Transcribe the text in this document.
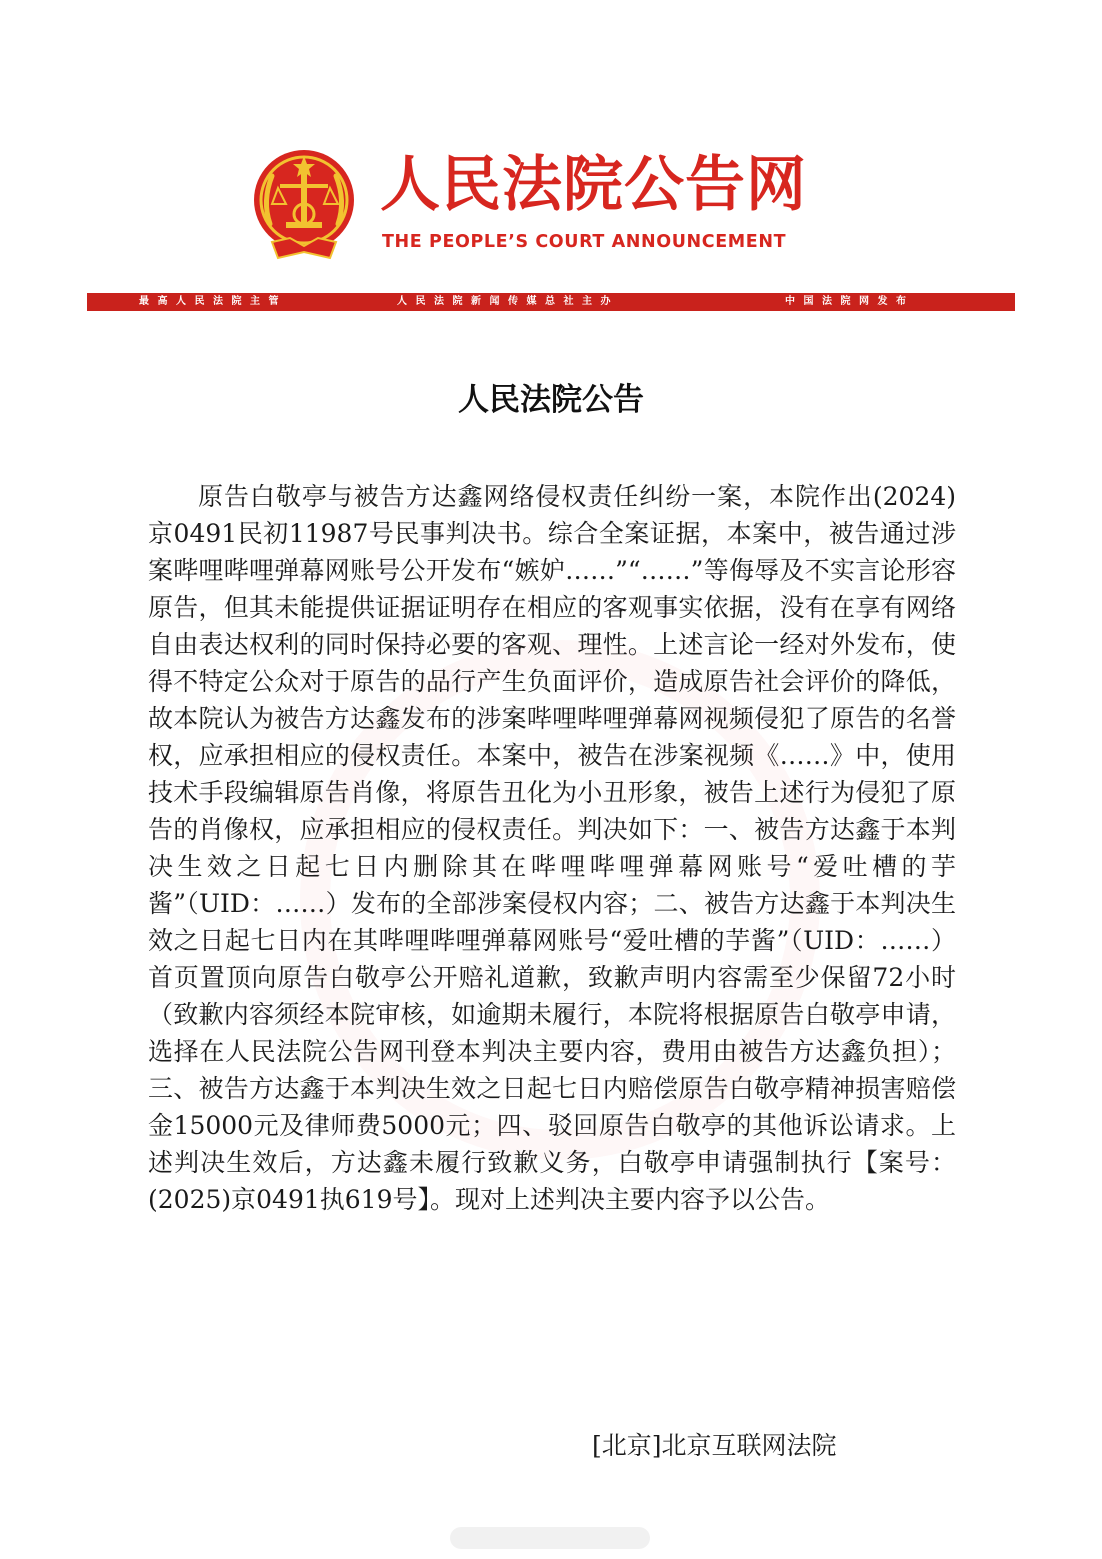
人民法院公告网
THE PEOPLE’S COURT ANNOUNCEMENT
最高人民法院主管	人民法院新闻传媒总社主办	中国法院网发布
人民法院公告
原告白敬亭与被告方达鑫网络侵权责任纠纷一案，本院作出(2024)京0491民初11987号民事判决书。综合全案证据，本案中，被告通过涉案哔哩哔哩弹幕网账号公开发布“嫉妒……”“……”等侮辱及不实言论形容原告，但其未能提供证据证明存在相应的客观事实依据，没有在享有网络自由表达权利的同时保持必要的客观、理性。上述言论一经对外发布，使得不特定公众对于原告的品行产生负面评价，造成原告社会评价的降低，故本院认为被告方达鑫发布的涉案哔哩哔哩弹幕网视频侵犯了原告的名誉权，应承担相应的侵权责任。本案中，被告在涉案视频《……》中，使用技术手段编辑原告肖像，将原告丑化为小丑形象，被告上述行为侵犯了原告的肖像权，应承担相应的侵权责任。判决如下：一、被告方达鑫于本判决生效之日起七日内删除其在哔哩哔哩弹幕网账号“爱吐槽的芋酱”（UID：……）发布的全部涉案侵权内容；二、被告方达鑫于本判决生效之日起七日内在其哔哩哔哩弹幕网账号“爱吐槽的芋酱”（UID：……）首页置顶向原告白敬亭公开赔礼道歉，致歉声明内容需至少保留72小时（致歉内容须经本院审核，如逾期未履行，本院将根据原告白敬亭申请，选择在人民法院公告网刊登本判决主要内容，费用由被告方达鑫负担）；三、被告方达鑫于本判决生效之日起七日内赔偿原告白敬亭精神损害赔偿金15000元及律师费5000元；四、驳回原告白敬亭的其他诉讼请求。上述判决生效后，方达鑫未履行致歉义务，白敬亭申请强制执行【案号：(2025)京0491执619号】。现对上述判决主要内容予以公告。
[北京]北京互联网法院
